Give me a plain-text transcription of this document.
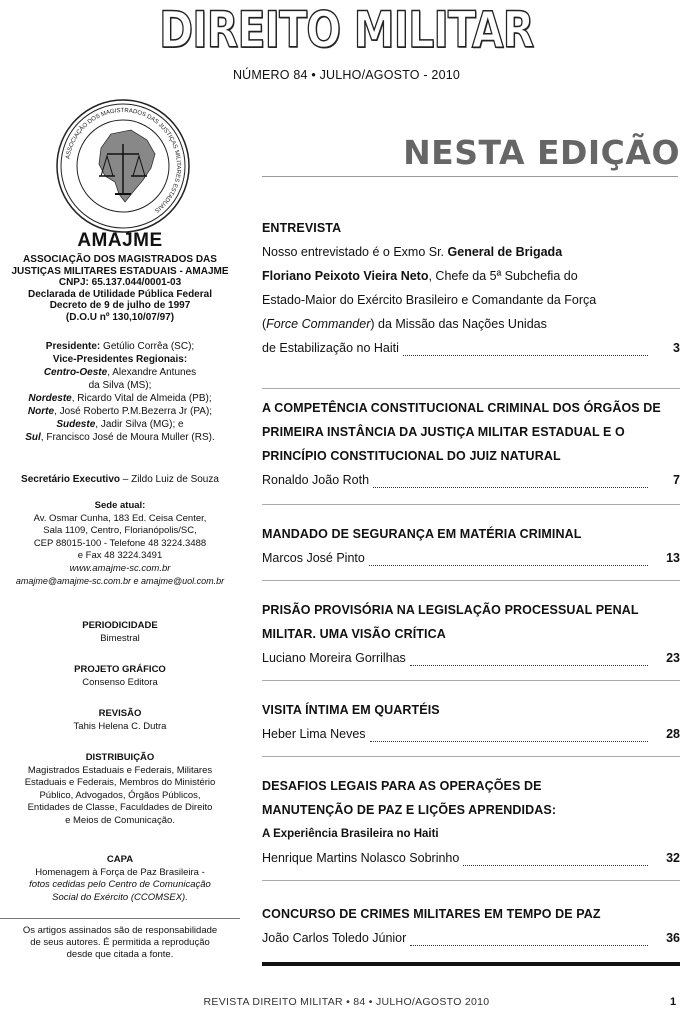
DIREITO MILITAR
NÚMERO 84 • JULHO/AGOSTO - 2010
ASSOCIAÇÃO DOS MAGISTRADOS DAS JUSTIÇAS MILITARES ESTADUAIS
AMAJME
ASSOCIAÇÃO DOS MAGISTRADOS DAS
JUSTIÇAS MILITARES ESTADUAIS - AMAJME
CNPJ: 65.137.044/0001-03
Declarada de Utilidade Pública Federal
Decreto de 9 de julho de 1997
(D.O.U nº 130,10/07/97)
Presidente: Getúlio Corrêa (SC);
Vice-Presidentes Regionais:
Centro-Oeste, Alexandre Antunes
da Silva (MS);
Nordeste, Ricardo Vital de Almeida (PB);
Norte, José Roberto P.M.Bezerra Jr (PA);
Sudeste, Jadir Silva (MG); e
Sul, Francisco José de Moura Muller (RS).
Secretário Executivo – Zildo Luiz de Souza
Sede atual:
Av. Osmar Cunha, 183 Ed. Ceisa Center,
Sala 1109, Centro, Florianópolis/SC,
CEP 88015-100 - Telefone 48 3224.3488
e Fax 48 3224.3491
www.amajme-sc.com.br
amajme@amajme-sc.com.br e amajme@uol.com.br
PERIODICIDADE
Bimestral
PROJETO GRÁFICO
Consenso Editora
REVISÃO
Tahis Helena C. Dutra
DISTRIBUIÇÃO
Magistrados Estaduais e Federais, Militares
Estaduais e Federais, Membros do Ministério
Público, Advogados, Órgãos Públicos,
Entidades de Classe, Faculdades de Direito
e Meios de Comunicação.
CAPA
Homenagem à Força de Paz Brasileira -
fotos cedidas pelo Centro de Comunicação
Social do Exército (CCOMSEX).
Os artigos assinados são de responsabilidade
de seus autores. É permitida a reprodução
desde que citada a fonte.
NESTA EDIÇÃO
ENTREVISTA
Nosso entrevistado é o Exmo Sr. General de Brigada
Floriano Peixoto Vieira Neto, Chefe da 5ª Subchefia do
Estado-Maior do Exército Brasileiro e Comandante da Força
(Force Commander) da Missão das Nações Unidas
de Estabilização no Haiti	3
A COMPETÊNCIA CONSTITUCIONAL CRIMINAL DOS ÓRGÃOS DE
PRIMEIRA INSTÂNCIA DA JUSTIÇA MILITAR ESTADUAL E O
PRINCÍPIO CONSTITUCIONAL DO JUIZ NATURAL
Ronaldo João Roth	7
MANDADO DE SEGURANÇA EM MATÉRIA CRIMINAL
Marcos José Pinto	13
PRISÃO PROVISÓRIA NA LEGISLAÇÃO PROCESSUAL PENAL
MILITAR. UMA VISÃO CRÍTICA
Luciano Moreira Gorrilhas	23
VISITA ÍNTIMA EM QUARTÉIS
Heber Lima Neves	28
DESAFIOS LEGAIS PARA AS OPERAÇÕES DE
MANUTENÇÃO DE PAZ E LIÇÕES APRENDIDAS:
A Experiência Brasileira no Haiti
Henrique Martins Nolasco Sobrinho	32
CONCURSO DE CRIMES MILITARES EM TEMPO DE PAZ
João Carlos Toledo Júnior	36
REVISTA DIREITO MILITAR • 84 • JULHO/AGOSTO 2010	1
